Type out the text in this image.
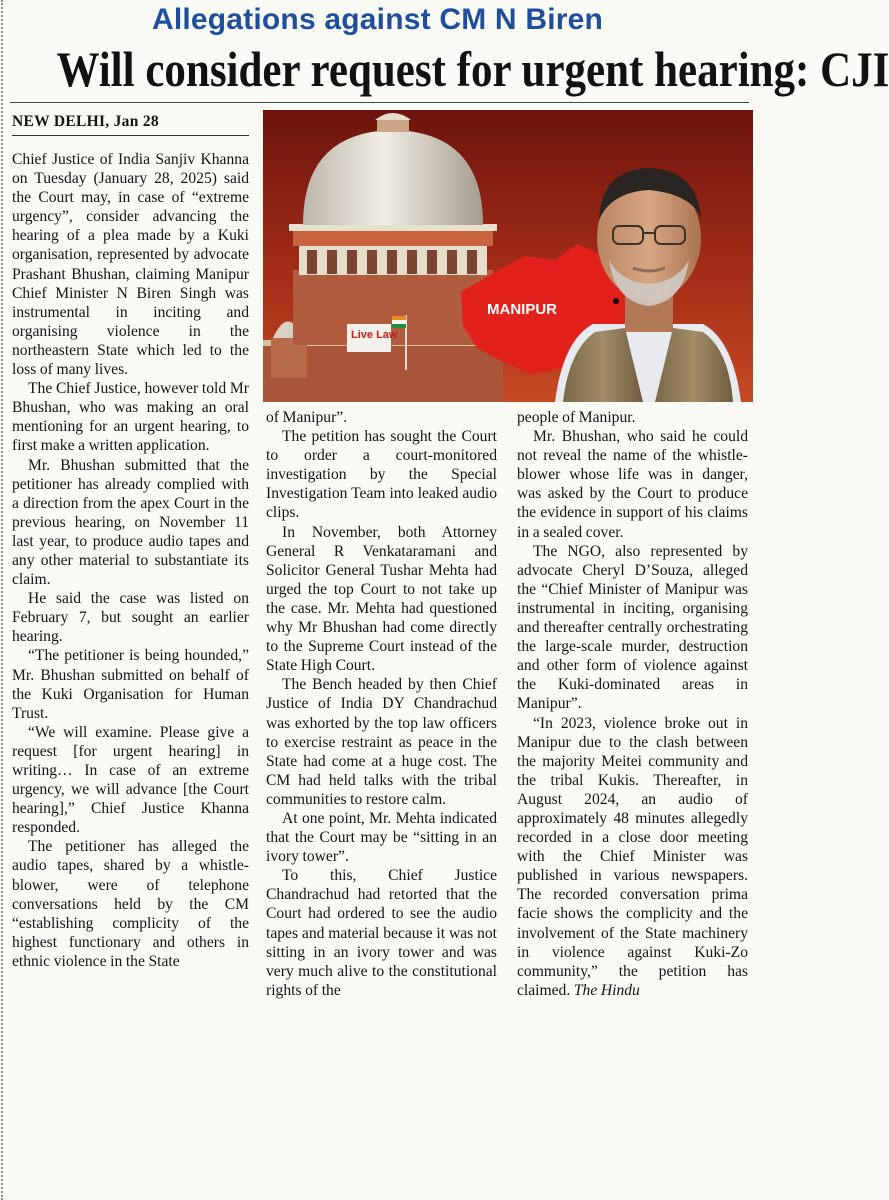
Allegations against CM N Biren
Will consider request for urgent hearing: CJI
NEW DELHI, Jan 28
Live Law
MANIPUR

Chief Justice of India Sanjiv Khanna on Tuesday (January 28, 2025) said the Court may, in case of “extreme urgency”, consider advancing the hearing of a plea made by a Kuki organisation, represented by advocate Prashant Bhushan, claiming Manipur Chief Minister N Biren Singh was instrumental in inciting and organising violence in the northeastern State which led to the loss of many lives.

The Chief Justice, however told Mr Bhushan, who was making an oral mentioning for an urgent hearing, to first make a written application.

Mr. Bhushan submitted that the petitioner has already complied with a direction from the apex Court in the previous hearing, on November 11 last year, to produce audio tapes and any other material to substantiate its claim.

He said the case was listed on February 7, but sought an earlier hearing.

“The petitioner is being hounded,” Mr. Bhushan submitted on behalf of the Kuki Organisation for Human Trust.

“We will examine. Please give a request [for urgent hearing] in writing… In case of an extreme urgency, we will advance [the Court hearing],” Chief Justice Khanna responded.

The petitioner has alleged the audio tapes, shared by a whistle-blower, were of telephone conversations held by the CM “establishing complicity of the highest functionary and others in ethnic violence in the State

of Manipur”.

The petition has sought the Court to order a court-monitored investigation by the Special Investigation Team into leaked audio clips.

In November, both Attorney General R Venkataramani and Solicitor General Tushar Mehta had urged the top Court to not take up the case. Mr. Mehta had questioned why Mr Bhushan had come directly to the Supreme Court instead of the State High Court.

The Bench headed by then Chief Justice of India DY Chandrachud was exhorted by the top law officers to exercise restraint as peace in the State had come at a huge cost. The CM had held talks with the tribal communities to restore calm.

At one point, Mr. Mehta indicated that the Court may be “sitting in an ivory tower”.

To this, Chief Justice Chandrachud had retorted that the Court had ordered to see the audio tapes and material because it was not sitting in an ivory tower and was very much alive to the constitutional rights of the

people of Manipur.

Mr. Bhushan, who said he could not reveal the name of the whistle-blower whose life was in danger, was asked by the Court to produce the evidence in support of his claims in a sealed cover.

The NGO, also represented by advocate Cheryl D’Souza, alleged the “Chief Minister of Manipur was instrumental in inciting, organising and thereafter centrally orchestrating the large-scale murder, destruction and other form of violence against the Kuki-dominated areas in Manipur”.

“In 2023, violence broke out in Manipur due to the clash between the majority Meitei community and the tribal Kukis. Thereafter, in August 2024, an audio of approximately 48 minutes allegedly recorded in a close door meeting with the Chief Minister was published in various newspapers. The recorded conversation prima facie shows the complicity and the involvement of the State machinery in violence against Kuki-Zo community,” the petition has claimed. The Hindu
